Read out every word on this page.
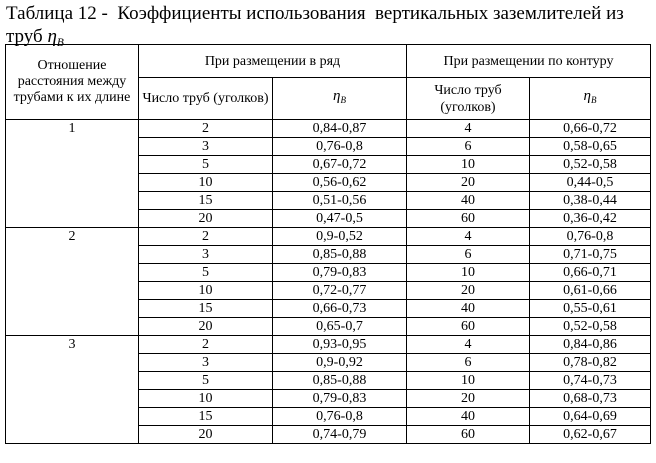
Таблица 12 -  Коэффициенты использования  вертикальных заземлителей из труб $\eta_В$
Отношение расстояния между трубами к их длине	При размещении в ряд		При размещении по контуру	
	Число труб (уголков)	$\eta_В$	Число труб (уголков)	$\eta_В$
1	2	0,84-0,87	4	0,66-0,72
	3	0,76-0,8	6	0,58-0,65
	5	0,67-0,72	10	0,52-0,58
	10	0,56-0,62	20	0,44-0,5
	15	0,51-0,56	40	0,38-0,44
	20	0,47-0,5	60	0,36-0,42
2	2	0,9-0,52	4	0,76-0,8
	3	0,85-0,88	6	0,71-0,75
	5	0,79-0,83	10	0,66-0,71
	10	0,72-0,77	20	0,61-0,66
	15	0,66-0,73	40	0,55-0,61
	20	0,65-0,7	60	0,52-0,58
3	2	0,93-0,95	4	0,84-0,86
	3	0,9-0,92	6	0,78-0,82
	5	0,85-0,88	10	0,74-0,73
	10	0,79-0,83	20	0,68-0,73
	15	0,76-0,8	40	0,64-0,69
	20	0,74-0,79	60	0,62-0,67
